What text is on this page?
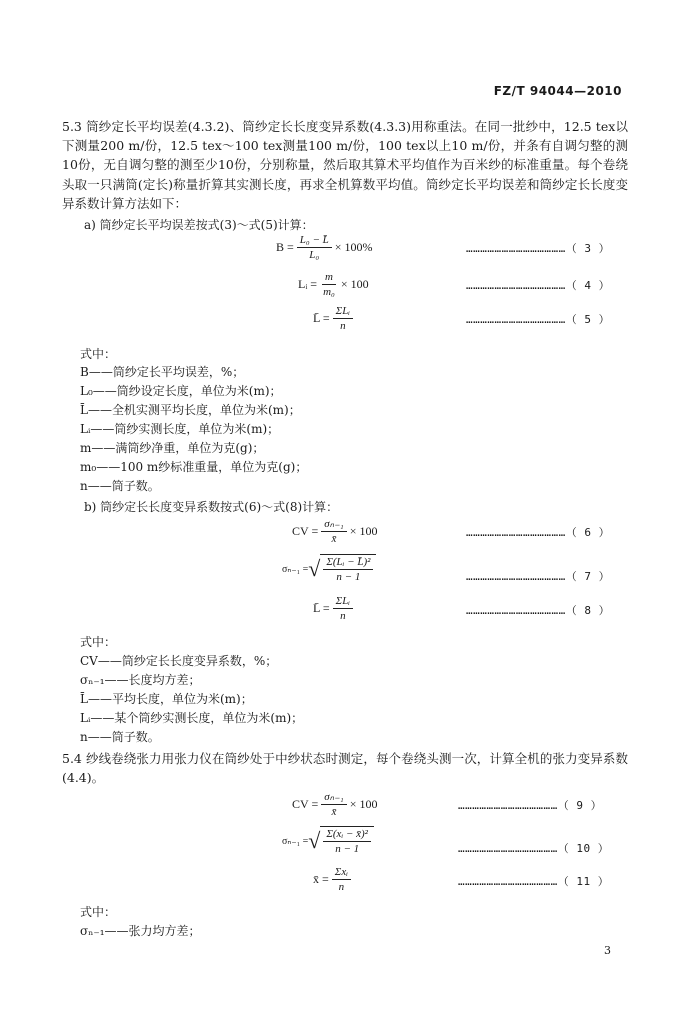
FZ/T 94044—2010
5.3 筒纱定长平均误差(4.3.2)、筒纱定长长度变异系数(4.3.3)用称重法。在同一批纱中，12.5 tex以下测量200 m/份，12.5 tex～100 tex测量100 m/份，100 tex以上10 m/份，并条有自调匀整的测10份，无自调匀整的测至少10份，分别称量，然后取其算术平均值作为百米纱的标准重量。每个卷绕头取一只满筒(定长)称量折算其实测长度，再求全机算数平均值。筒纱定长平均误差和筒纱定长长度变异系数计算方法如下：
a) 筒纱定长平均误差按式(3)～式(5)计算：
$B = \frac{\text{L₀ − L̄}}{\text{L₀}} \times 100\%$	……………………………………（ 3 ）
Lᵢ = $\frac{m}{\text{m₀}} \times 100$	……………………………………（ 4 ）
L̄ = $\frac{\text{ΣLᵢ}}{n}$	……………………………………（ 5 ）
式中：
B——筒纱定长平均误差，%；
L₀——筒纱设定长度，单位为米(m)；
L̄——全机实测平均长度，单位为米(m)；
Lᵢ——筒纱实测长度，单位为米(m)；
m——满筒纱净重，单位为克(g)；
m₀——100 m纱标准重量，单位为克(g)；
n——筒子数。
b) 筒纱定长长度变异系数按式(6)～式(8)计算：
CV = $\frac{\text{σₙ₋₁}}{x̄} \times 100$	……………………………………（ 6 ）
σₙ₋₁ = √ $\frac{\text{Σ(Lᵢ − L̄)²}}{n - 1}$	……………………………………（ 7 ）
L̄ = $\frac{\text{ΣLᵢ}}{n}$	……………………………………（ 8 ）
式中：
CV——筒纱定长长度变异系数，%；
σₙ₋₁——长度均方差；
L̄——平均长度，单位为米(m)；
Lᵢ——某个筒纱实测长度，单位为米(m)；
n——筒子数。
5.4 纱线卷绕张力用张力仪在筒纱处于中纱状态时测定，每个卷绕头测一次，计算全机的张力变异系数(4.4)。
CV = $\frac{\text{σₙ₋₁}}{x̄} \times 100$	……………………………………（ 9 ）
σₙ₋₁ = √ $\frac{\text{Σ(xᵢ − x̄)²}}{n - 1}$	……………………………………（ 10 ）
x̄ = $\frac{\text{Σxᵢ}}{n}$	……………………………………（ 11 ）
式中：
σₙ₋₁——张力均方差；
3
